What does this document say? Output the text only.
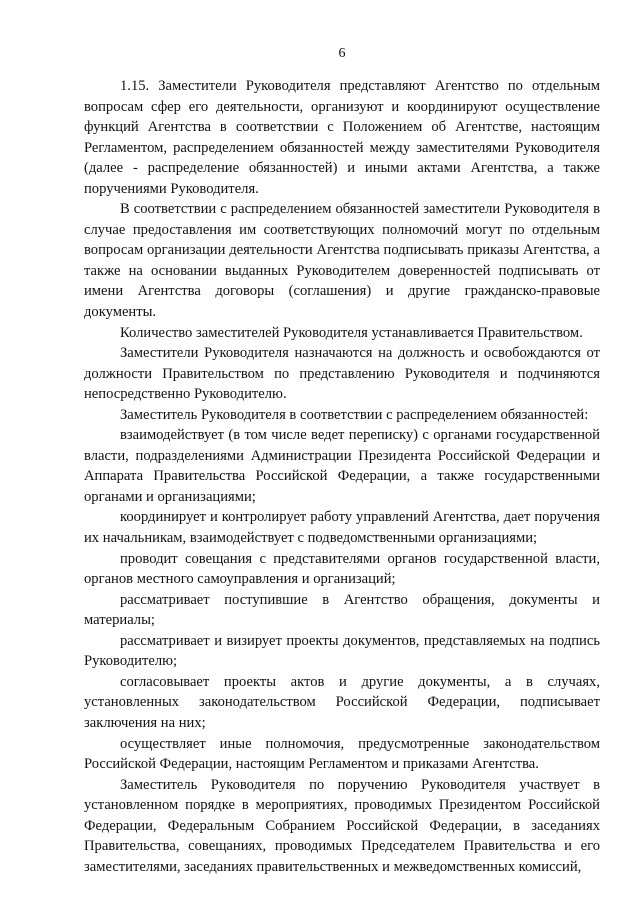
6

1.15. Заместители Руководителя представляют Агентство по отдельным вопросам сфер его деятельности, организуют и координируют осуществление функций Агентства в соответствии с Положением об Агентстве, настоящим Регламентом, распределением обязанностей между заместителями Руководителя (далее - распределение обязанностей) и иными актами Агентства, а также поручениями Руководителя.

В соответствии с распределением обязанностей заместители Руководителя в случае предоставления им соответствующих полномочий могут по отдельным вопросам организации деятельности Агентства подписывать приказы Агентства, а также на основании выданных Руководителем доверенностей подписывать от имени Агентства договоры (соглашения) и другие гражданско-правовые документы.

Количество заместителей Руководителя устанавливается Правительством.

Заместители Руководителя назначаются на должность и освобождаются от должности Правительством по представлению Руководителя и подчиняются непосредственно Руководителю.

Заместитель Руководителя в соответствии с распределением обязанностей:

взаимодействует (в том числе ведет переписку) с органами государственной власти, подразделениями Администрации Президента Российской Федерации и Аппарата Правительства Российской Федерации, а также государственными органами и организациями;

координирует и контролирует работу управлений Агентства, дает поручения их начальникам, взаимодействует с подведомственными организациями;

проводит совещания с представителями органов государственной власти, органов местного самоуправления и организаций;

рассматривает поступившие в Агентство обращения, документы и материалы;

рассматривает и визирует проекты документов, представляемых на подпись Руководителю;

согласовывает проекты актов и другие документы, а в случаях, установленных законодательством Российской Федерации, подписывает заключения на них;

осуществляет иные полномочия, предусмотренные законодательством Российской Федерации, настоящим Регламентом и приказами Агентства.

Заместитель Руководителя по поручению Руководителя участвует в установленном порядке в мероприятиях, проводимых Президентом Российской Федерации, Федеральным Собранием Российской Федерации, в заседаниях Правительства, совещаниях, проводимых Председателем Правительства и его заместителями, заседаниях правительственных и межведомственных комиссий,
